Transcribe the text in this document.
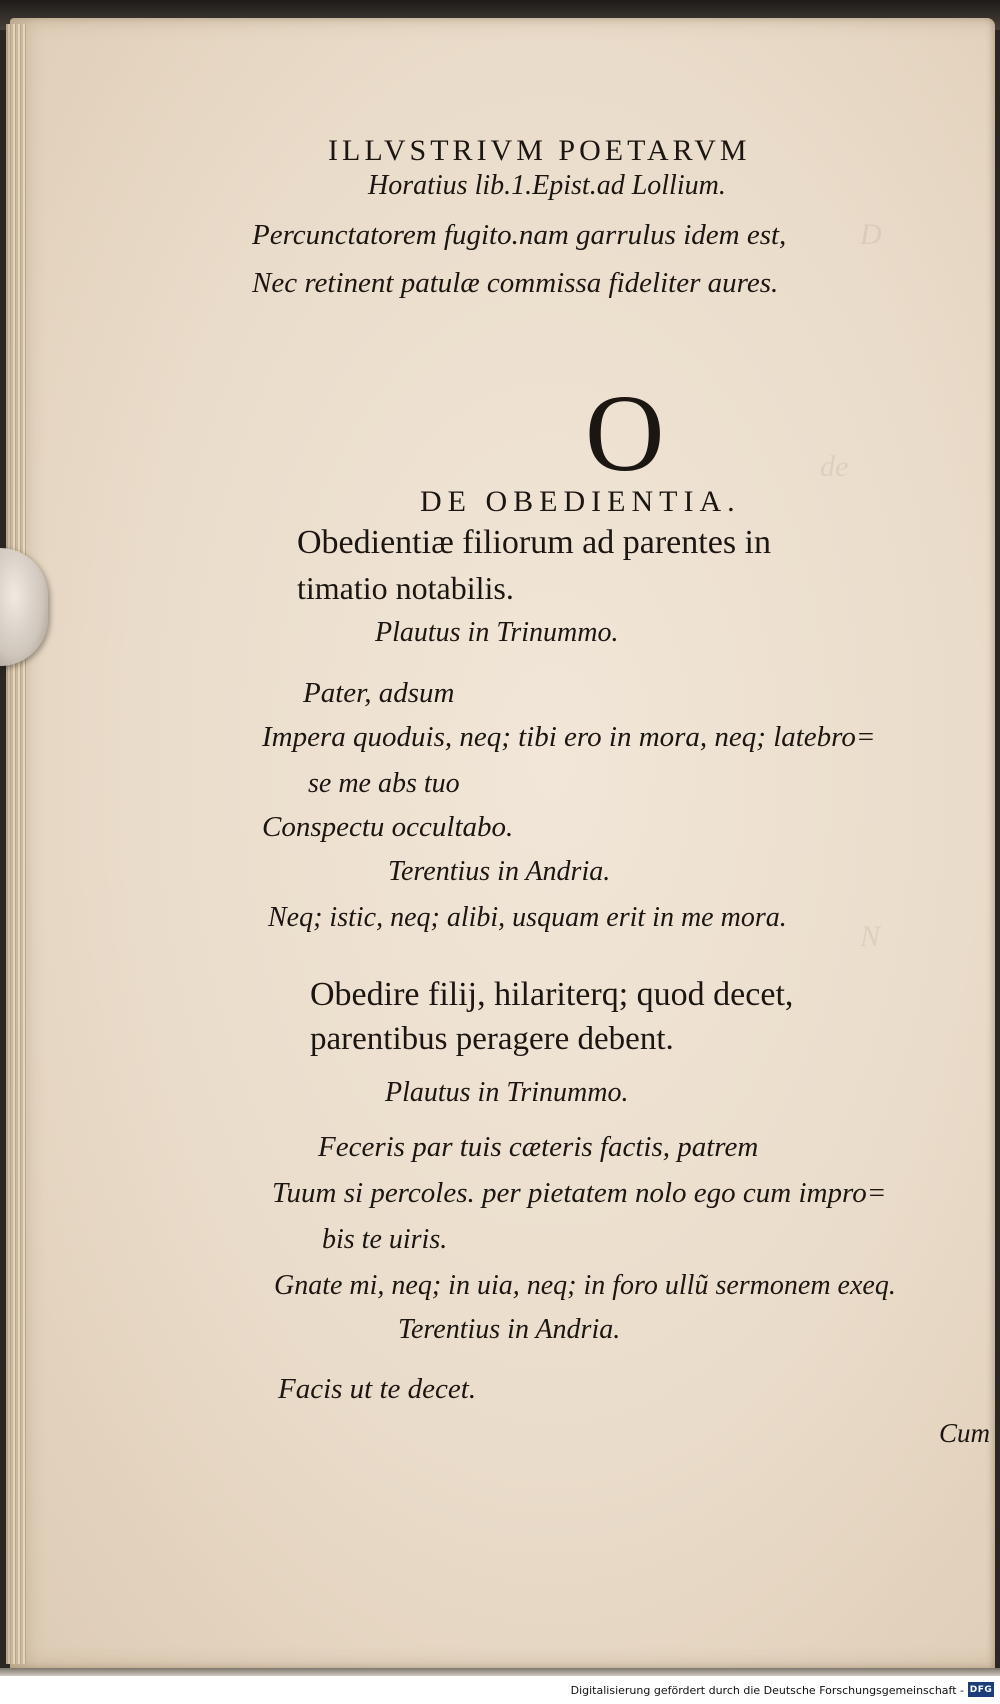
D
de
N
ILLVSTRIVM POETARVM
Horatius lib.1.Epist.ad Lollium.
Percunctatorem fugito.nam garrulus idem est,
Nec retinent patulæ commissa fideliter aures.
O
DE OBEDIENTIA.
Obedientiæ filiorum ad parentes in
timatio notabilis.
Plautus in Trinummo.
Pater, adsum
Impera quoduis, neq; tibi ero in mora, neq; latebro=
se me abs tuo
Conspectu occultabo.
Terentius in Andria.
Neq; istic, neq; alibi, usquam erit in me mora.
Obedire filij, hilariterq; quod decet,
parentibus peragere debent.
Plautus in Trinummo.
Feceris par tuis cæteris factis, patrem
Tuum si percoles. per pietatem nolo ego cum impro=
bis te uiris.
Gnate mi, neq; in uia, neq; in foro ullũ sermonem exeq.
Terentius in Andria.
Facis ut te decet.
Cum
Digitalisierung gefördert durch die Deutsche Forschungsgemeinschaft - DFG
